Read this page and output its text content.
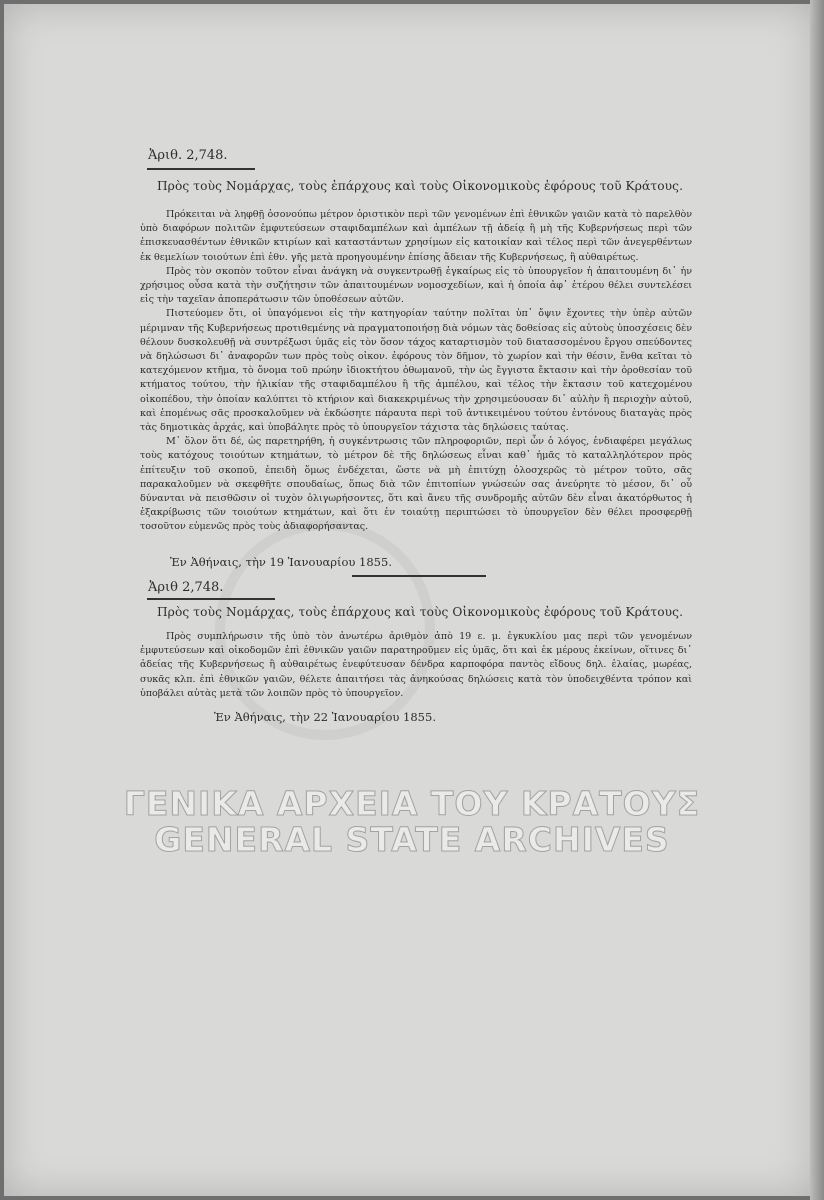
Ἀριθ. 2,748.
Πρὸς τοὺς Νομάρχας, τοὺς ἐπάρχους καὶ τοὺς Οἰκονομικοὺς ἐφόρους τοῦ Κράτους.

Πρόκειται νὰ ληφθῇ ὁσονούπω μέτρον ὁριστικὸν περὶ τῶν γενομένων ἐπὶ ἐθνικῶν γαιῶν κατὰ τὸ παρελθὸν ὑπὸ διαφόρων πολιτῶν ἐμφυτεύσεων σταφιδαμπέλων καὶ ἀμπέλων τῇ ἀδείᾳ ἢ μὴ τῆς Κυβερνήσεως περὶ τῶν ἐπισκευασθέντων ἐθνικῶν κτιρίων καὶ καταστάντων χρησίμων εἰς κατοικίαν καὶ τέλος περὶ τῶν ἀνεγερθέντων ἐκ θεμελίων τοιούτων ἐπὶ ἐθν. γῆς μετὰ προηγουμένην ἐπίσης ἄδειαν τῆς Κυβερνήσεως, ἢ αὐθαιρέτως.

Πρὸς τὸν σκοπὸν τοῦτον εἶναι ἀνάγκη νὰ συγκεντρωθῇ ἐγκαίρως εἰς τὸ ὑπουργεῖον ἡ ἀπαιτουμένη δι᾽ ἡν χρήσιμος οὖσα κατὰ τὴν συζήτησιν τῶν ἀπαιτουμένων νομοσχεδίων, καὶ ἡ ὁποία ἀφ᾽ ἑτέρου θέλει συντελέσει εἰς τὴν ταχεῖαν ἀποπεράτωσιν τῶν ὑποθέσεων αὐτῶν.

Πιστεύομεν ὅτι, οἱ ὑπαγόμενοι εἰς τὴν κατηγορίαν ταύτην πολῖται ὑπ᾽ ὄψιν ἔχοντες τὴν ὑπὲρ αὐτῶν μέριμναν τῆς Κυβερνήσεως προτιθεμένης νὰ πραγματοποιήσῃ διὰ νόμων τὰς δοθείσας εἰς αὐτοὺς ὑποσχέσεις δὲν θέλουν δυσκολευθῇ νὰ συντρέξωσι ὑμᾶς εἰς τὸν ὅσον τάχος καταρτισμὸν τοῦ διατασσομένου ἔργου σπεύδοντες νὰ δηλώσωσι δι᾽ ἀναφορῶν των πρὸς τοὺς οἰκον. ἐφόρους τὸν δῆμον, τὸ χωρίον καὶ τὴν θέσιν, ἔνθα κεῖται τὸ κατεχόμενον κτῆμα, τὸ ὄνομα τοῦ πρώην ἰδιοκτήτου ὀθωμανοῦ, τὴν ὡς ἔγγιστα ἔκτασιν καὶ τὴν ὁροθεσίαν τοῦ κτήματος τούτου, τὴν ἡλικίαν τῆς σταφιδαμπέλου ἢ τῆς ἀμπέλου, καὶ τέλος τὴν ἔκτασιν τοῦ κατεχομένου οἰκοπέδου, τὴν ὁποίαν καλύπτει τὸ κτήριον καὶ διακεκριμένως τὴν χρησιμεύουσαν δι᾽ αὐλὴν ἢ περιοχὴν αὐτοῦ, καὶ ἑπομένως σᾶς προσκαλοῦμεν νὰ ἐκδώσητε πάραυτα περὶ τοῦ ἀντικειμένου τούτου ἐντόνους διαταγὰς πρὸς τὰς δημοτικὰς ἀρχάς, καὶ ὑποβάλητε πρὸς τὸ ὑπουργεῖον τάχιστα τὰς δηλώσεις ταύτας.

Μ᾽ ὅλον ὅτι δέ, ὡς παρετηρήθη, ἡ συγκέντρωσις τῶν πληροφοριῶν, περὶ ὧν ὁ λόγος, ἐνδιαφέρει μεγάλως τοὺς κατόχους τοιούτων κτημάτων, τὸ μέτρον δὲ τῆς δηλώσεως εἶναι καθ᾽ ἡμᾶς τὸ καταλληλότερον πρὸς ἐπίτευξιν τοῦ σκοποῦ, ἐπειδὴ ὅμως ἐνδέχεται, ὥστε νὰ μὴ ἐπιτύχῃ ὁλοσχερῶς τὸ μέτρον τοῦτο, σᾶς παρακαλοῦμεν νὰ σκεφθῆτε σπουδαίως, ὅπως διὰ τῶν ἐπιτοπίων γνώσεών σας ἀνεύρητε τὸ μέσον, δι᾽ οὗ δύνανται νὰ πεισθῶσιν οἱ τυχὸν ὀλιγωρήσοντες, ὅτι καὶ ἄνευ τῆς συνδρομῆς αὐτῶν δὲν εἶναι ἀκατόρθωτος ἡ ἐξακρίβωσις τῶν τοιούτων κτημάτων, καὶ ὅτι ἐν τοιαύτῃ περιπτώσει τὸ ὑπουργεῖον δὲν θέλει προσφερθῇ τοσοῦτον εὐμενῶς πρὸς τοὺς ἀδιαφορήσαντας.

Ἐν Ἀθήναις, τὴν 19 Ἰανουαρίου 1855.
Ἀριθ 2,748.
Πρὸς τοὺς Νομάρχας, τοὺς ἐπάρχους καὶ τοὺς Οἰκονομικοὺς ἐφόρους τοῦ Κράτους.

Πρὸς συμπλήρωσιν τῆς ὑπὸ τὸν ἀνωτέρω ἀριθμὸν ἀπὸ 19 ε. μ. ἐγκυκλίου μας περὶ τῶν γενομένων ἐμφυτεύσεων καὶ οἰκοδομῶν ἐπὶ ἐθνικῶν γαιῶν παρατηροῦμεν εἰς ὑμᾶς, ὅτι καὶ ἐκ μέρους ἐκείνων, οἵτινες δι᾽ ἀδείας τῆς Κυβερνήσεως ἢ αὐθαιρέτως ἐνεφύτευσαν δένδρα καρποφόρα παντὸς εἴδους δηλ. ἐλαίας, μωρέας, συκᾶς κλπ. ἐπὶ ἐθνικῶν γαιῶν, θέλετε ἀπαιτήσει τὰς ἀνηκούσας δηλώσεις κατὰ τὸν ὑποδειχθέντα τρόπον καὶ ὑποβάλει αὐτὰς μετὰ τῶν λοιπῶν πρὸς τὸ ὑπουργεῖον.

Ἐν Ἀθήναις, τὴν 22 Ἰανουαρίου 1855.
ΓΕΝΙΚΑ ΑΡΧΕΙΑ ΤΟΥ ΚΡΑΤΟΥΣ
GENERAL STATE ARCHIVES
